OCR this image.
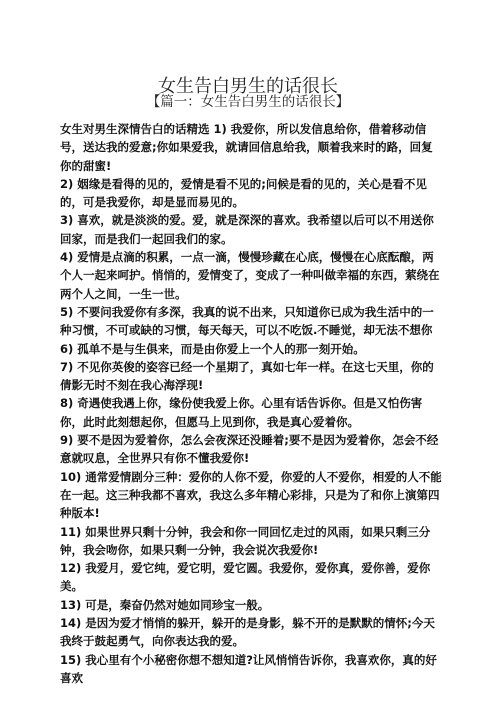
女生告白男生的话很长
【篇一：女生告白男生的话很长】

女生对男生深情告白的话精选 1) 我爱你，所以发信息给你，借着移动信号，送达我的爱意;你如果爱我，就请回信息给我，顺着我来时的路，回复你的甜蜜!

2) 姻缘是看得的见的，爱情是看不见的;问候是看的见的，关心是看不见的，可是我爱你，却是显而易见的。

3) 喜欢，就是淡淡的爱。爱，就是深深的喜欢。我希望以后可以不用送你回家，而是我们一起回我们的家。

4) 爱情是点滴的积累，一点一滴，慢慢珍藏在心底，慢慢在心底酝酿，两个人一起来呵护。悄悄的，爱情变了，变成了一种叫做幸福的东西，萦绕在两个人之间，一生一世。

5) 不要问我爱你有多深，我真的说不出来，只知道你已成为我生活中的一种习惯，不可或缺的习惯，每天每天，可以不吃饭.不睡觉，却无法不想你

6) 孤单不是与生俱来，而是由你爱上一个人的那一刻开始。

7) 不见你英俊的姿容已经一个星期了，真如七年一样。在这七天里，你的倩影无时不刻在我心海浮现!

8) 奇遇使我遇上你，缘份使我爱上你。心里有话告诉你。但是又怕伤害你，此时此刻想起你，但愿马上见到你，我是真心爱着你。

9) 要不是因为爱着你，怎么会夜深还没睡着;要不是因为爱着你，怎会不经意就叹息，全世界只有你不懂我爱你!

10) 通常爱情剧分三种：爱你的人你不爱，你爱的人不爱你，相爱的人不能在一起。这三种我都不喜欢，我这么多年精心彩排，只是为了和你上演第四种版本!

11) 如果世界只剩十分钟，我会和你一同回忆走过的风雨，如果只剩三分钟，我会吻你，如果只剩一分钟，我会说次我爱你!

12) 我爱月，爱它纯，爱它明，爱它圆。我爱你，爱你真，爱你善，爱你美。

13) 可是，秦奋仍然对她如同珍宝一般。

14) 是因为爱才悄悄的躲开，躲开的是身影，躲不开的是默默的情怀;今天我终于鼓起勇气，向你表达我的爱。

15) 我心里有个小秘密你想不想知道?让风悄悄告诉你，我喜欢你，真的好喜欢
